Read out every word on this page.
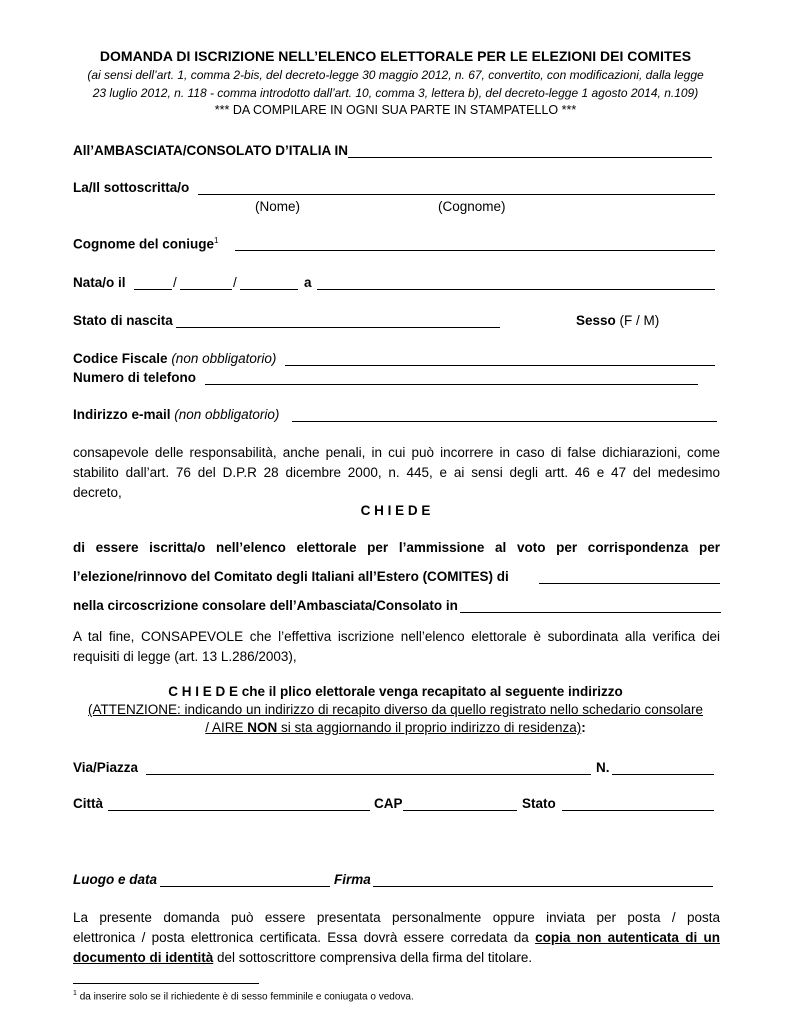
DOMANDA DI ISCRIZIONE NELL’ELENCO ELETTORALE PER LE ELEZIONI DEI COMITES
(ai sensi dell’art. 1, comma 2-bis, del decreto-legge 30 maggio 2012, n. 67, convertito, con modificazioni, dalla legge
23 luglio 2012, n. 118 - comma introdotto dall’art. 10, comma 3, lettera b), del decreto-legge 1 agosto 2014, n.109)
*** DA COMPILARE IN OGNI SUA PARTE IN STAMPATELLO ***
All’AMBASCIATA/CONSOLATO D’ITALIA IN
La/Il sottoscritta/o
(Nome)	(Cognome)
Cognome del coniuge$^1$
Nata/o il	/	/	a
Stato di nascita	Sesso (F / M)
Codice Fiscale (non obbligatorio)
Numero di telefono
Indirizzo e-mail (non obbligatorio)
consapevole delle responsabilità, anche penali, in cui può incorrere in caso di false dichiarazioni, come
stabilito dall’art. 76 del D.P.R 28 dicembre 2000, n. 445, e ai sensi degli artt. 46 e 47 del medesimo
decreto,
C H I E D E
di essere iscritta/o nell’elenco elettorale per l’ammissione al voto per corrispondenza per
l’elezione/rinnovo del Comitato degli Italiani all’Estero (COMITES) di
nella circoscrizione consolare dell’Ambasciata/Consolato in
A tal fine, CONSAPEVOLE che l’effettiva iscrizione nell’elenco elettorale è subordinata alla verifica dei
requisiti di legge (art. 13 L.286/2003),
C H I E D E che il plico elettorale venga recapitato al seguente indirizzo
(ATTENZIONE: indicando un indirizzo di recapito diverso da quello registrato nello schedario consolare
/ AIRE NON si sta aggiornando il proprio indirizzo di residenza):
Via/Piazza	N.
Città	CAP	Stato
Luogo e data	Firma
La presente domanda può essere presentata personalmente oppure inviata per posta / posta
elettronica / posta elettronica certificata. Essa dovrà essere corredata da copia non autenticata di un
documento di identità del sottoscrittore comprensiva della firma del titolare.
$^1$ da inserire solo se il richiedente è di sesso femminile e coniugata o vedova.
